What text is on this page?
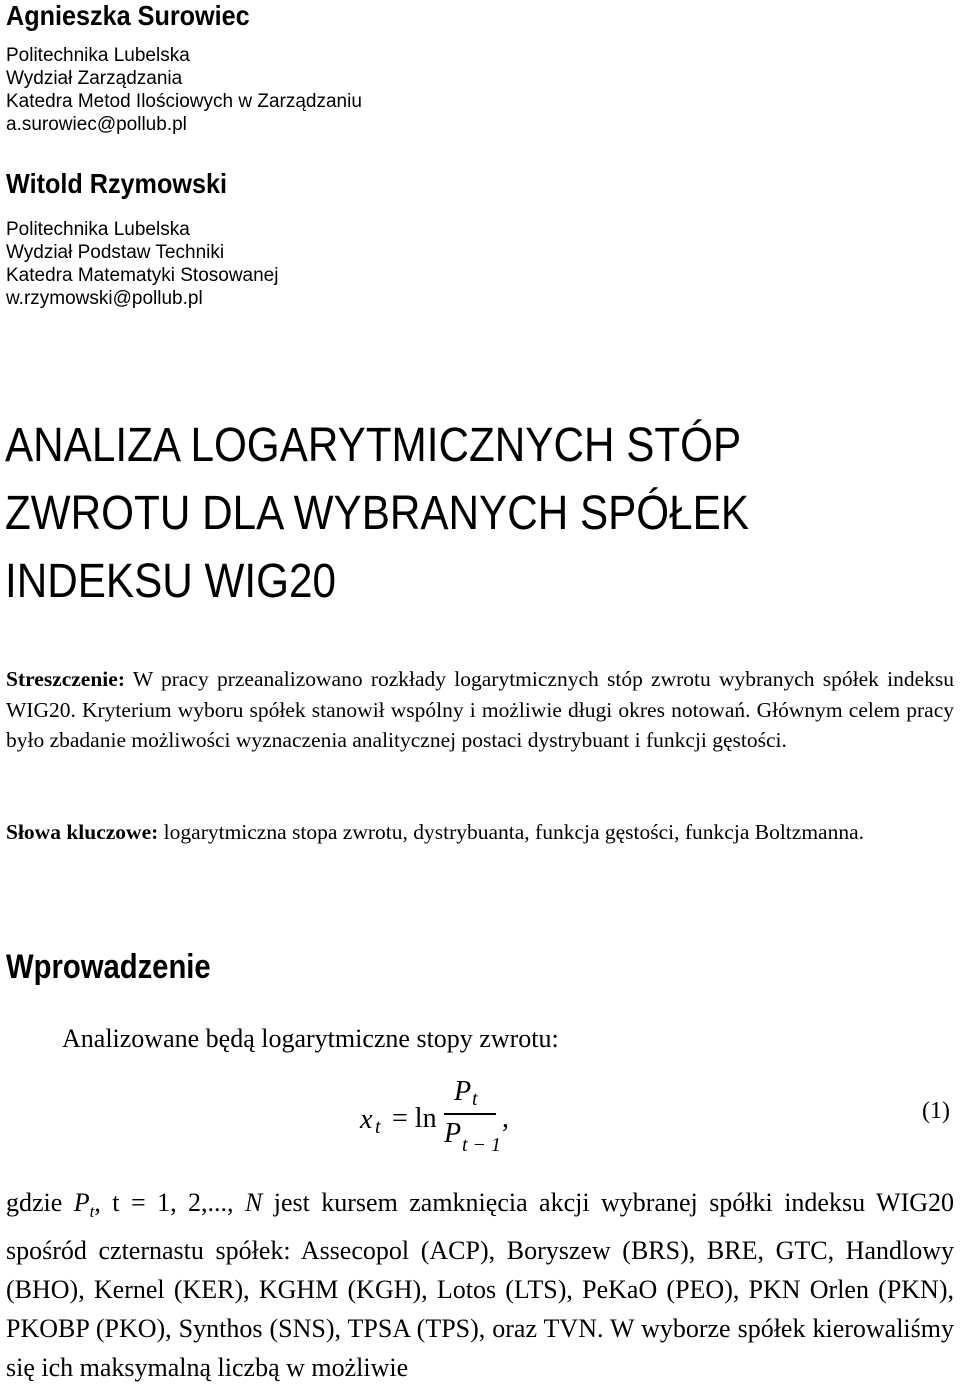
Agnieszka Surowiec
Politechnika Lubelska
Wydział Zarządzania
Katedra Metod Ilościowych w Zarządzaniu
a.surowiec@pollub.pl
Witold Rzymowski
Politechnika Lubelska
Wydział Podstaw Techniki
Katedra Matematyki Stosowanej
w.rzymowski@pollub.pl
ANALIZA LOGARYTMICZNYCH STÓP
ZWROTU DLA WYBRANYCH SPÓŁEK
INDEKSU WIG20
Streszczenie: W pracy przeanalizowano rozkłady logarytmicznych stóp zwrotu wybranych spółek indeksu WIG20. Kryterium wyboru spółek stanowił wspólny i możliwie długi okres notowań. Głównym celem pracy było zbadanie możliwości wyznaczenia analitycznej postaci dystrybuant i funkcji gęstości.
Słowa kluczowe: logarytmiczna stopa zwrotu, dystrybuanta, funkcja gęstości, funkcja Boltzmanna.
Wprowadzenie
Analizowane będą logarytmiczne stopy zwrotu:
x t = ln
P t
P t − 1
,	(1)
gdzie $P_t$, t = 1, 2,..., N jest kursem zamknięcia akcji wybranej spółki indeksu WIG20 spośród czternastu spółek: Assecopol (ACP), Boryszew (BRS), BRE, GTC, Handlowy (BHO), Kernel (KER), KGHM (KGH), Lotos (LTS), PeKaO (PEO), PKN Orlen (PKN), PKOBP (PKO), Synthos (SNS), TPSA (TPS), oraz TVN. W wyborze spółek kierowaliśmy się ich maksymalną liczbą w możliwie
